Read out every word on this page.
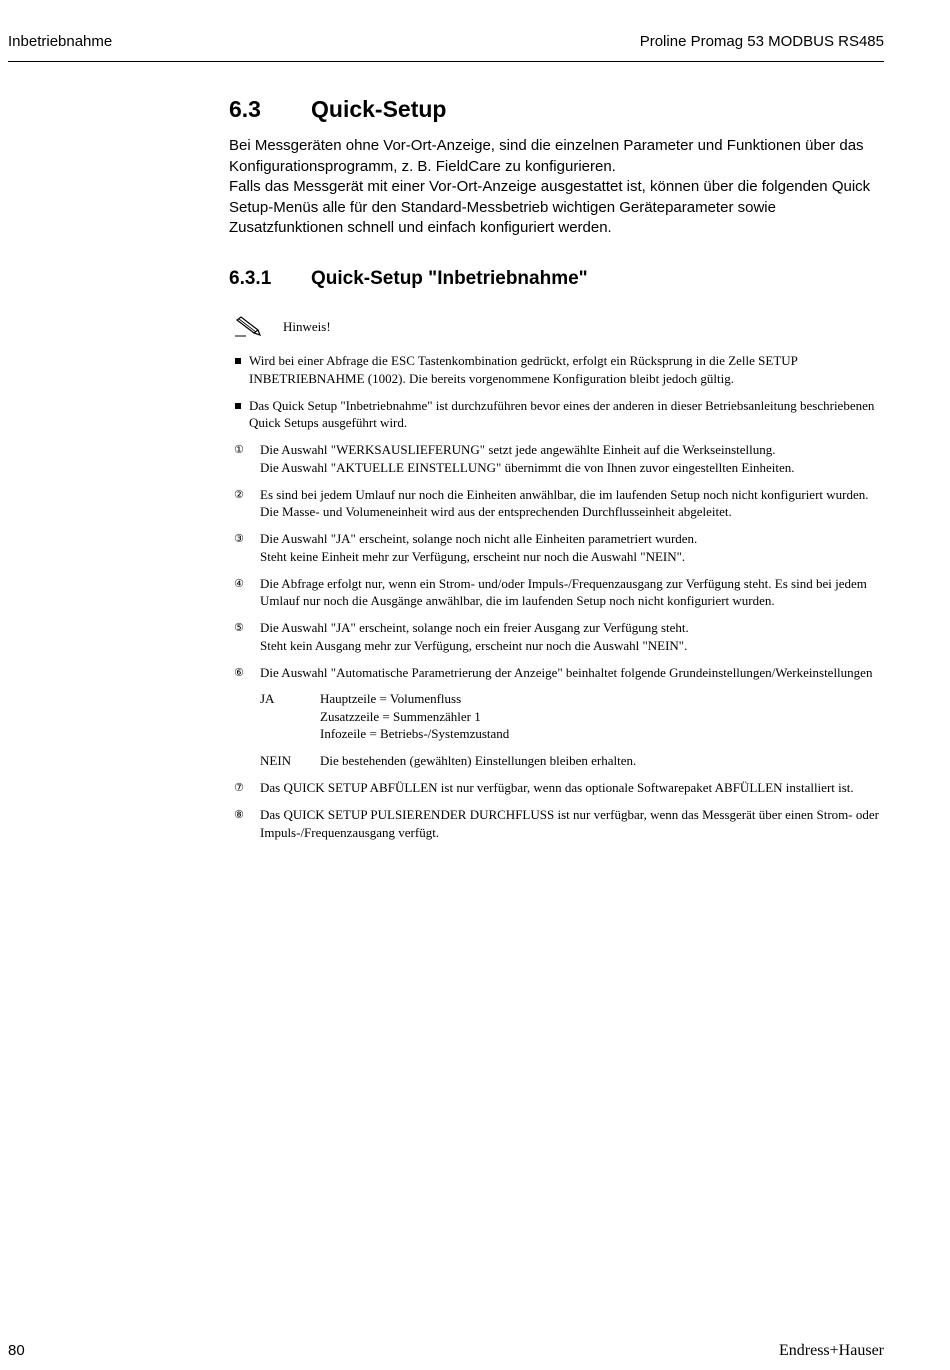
Inbetriebnahme	Proline Promag 53 MODBUS RS485
6.3 Quick-Setup

Bei Messgeräten ohne Vor-Ort-Anzeige, sind die einzelnen Parameter und Funktionen über das Konfigurationsprogramm, z. B. FieldCare zu konfigurieren.

Falls das Messgerät mit einer Vor-Ort-Anzeige ausgestattet ist, können über die folgenden Quick Setup-Menüs alle für den Standard-Messbetrieb wichtigen Geräteparameter sowie Zusatzfunktionen schnell und einfach konfiguriert werden.

6.3.1 Quick-Setup "Inbetriebnahme"
Hinweis!
Wird bei einer Abfrage die ESC Tastenkombination gedrückt, erfolgt ein Rücksprung in die Zelle SETUP INBETRIEBNAHME (1002). Die bereits vorgenommene Konfiguration bleibt jedoch gültig.
Das Quick Setup "Inbetriebnahme" ist durchzuführen bevor eines der anderen in dieser Betriebsanleitung beschriebenen Quick Setups ausgeführt wird.
①	Die Auswahl "WERKSAUSLIEFERUNG" setzt jede angewählte Einheit auf die Werkseinstellung.
Die Auswahl "AKTUELLE EINSTELLUNG" übernimmt die von Ihnen zuvor eingestellten Einheiten.
②	Es sind bei jedem Umlauf nur noch die Einheiten anwählbar, die im laufenden Setup noch nicht konfiguriert wurden. Die Masse- und Volumeneinheit wird aus der entsprechenden Durchflusseinheit abgeleitet.
③	Die Auswahl "JA" erscheint, solange noch nicht alle Einheiten parametriert wurden.
Steht keine Einheit mehr zur Verfügung, erscheint nur noch die Auswahl "NEIN".
④	Die Abfrage erfolgt nur, wenn ein Strom- und/oder Impuls-/Frequenzausgang zur Verfügung steht. Es sind bei jedem Umlauf nur noch die Ausgänge anwählbar, die im laufenden Setup noch nicht konfiguriert wurden.
⑤	Die Auswahl "JA" erscheint, solange noch ein freier Ausgang zur Verfügung steht.
Steht kein Ausgang mehr zur Verfügung, erscheint nur noch die Auswahl "NEIN".
⑥	Die Auswahl "Automatische Parametrierung der Anzeige" beinhaltet folgende Grundeinstellungen/Werkeinstellungen
JA	Hauptzeile = Volumenfluss
Zusatzzeile = Summenzähler 1
Infozeile = Betriebs-/Systemzustand
NEIN	Die bestehenden (gewählten) Einstellungen bleiben erhalten.
⑦	Das QUICK SETUP ABFÜLLEN ist nur verfügbar, wenn das optionale Softwarepaket ABFÜLLEN installiert ist.
⑧	Das QUICK SETUP PULSIERENDER DURCHFLUSS ist nur verfügbar, wenn das Messgerät über einen Strom- oder Impuls-/Frequenzausgang verfügt.
80	Endress+Hauser
